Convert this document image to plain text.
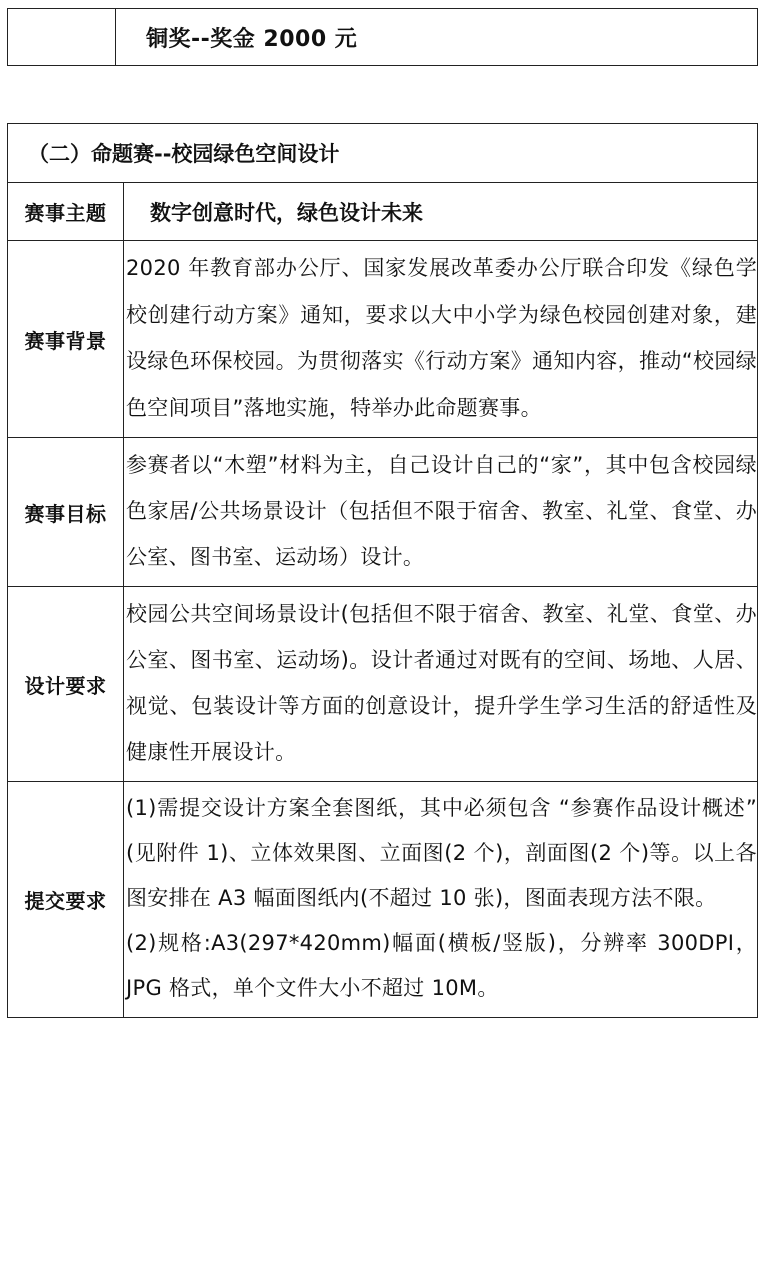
	铜奖--奖金 2000 元
（二）命题赛--校园绿色空间设计	
赛事主题	数字创意时代，绿色设计未来
赛事背景	2020 年教育部办公厅、国家发展改革委办公厅联合印发《绿色学校创建行动方案》通知，要求以大中小学为绿色校园创建对象，建设绿色环保校园。为贯彻落实《行动方案》通知内容，推动“校园绿色空间项目”落地实施，特举办此命题赛事。
赛事目标	参赛者以“木塑”材料为主，自己设计自己的“家”，其中包含校园绿色家居/公共场景设计（包括但不限于宿舍、教室、礼堂、食堂、办公室、图书室、运动场）设计。
设计要求	校园公共空间场景设计(包括但不限于宿舍、教室、礼堂、食堂、办公室、图书室、运动场)。设计者通过对既有的空间、场地、人居、视觉、包装设计等方面的创意设计，提升学生学习生活的舒适性及健康性开展设计。
提交要求	(1)需提交设计方案全套图纸，其中必须包含 “参赛作品设计概述” (见附件 1)、立体效果图、立面图(2 个)，剖面图(2 个)等。以上各图安排在 A3 幅面图纸内(不超过 10 张)，图面表现方法不限。

(2)规格:A3(297*420mm)幅面(横板/竖版)，分辨率 300DPI，JPG 格式，单个文件大小不超过 10M。
